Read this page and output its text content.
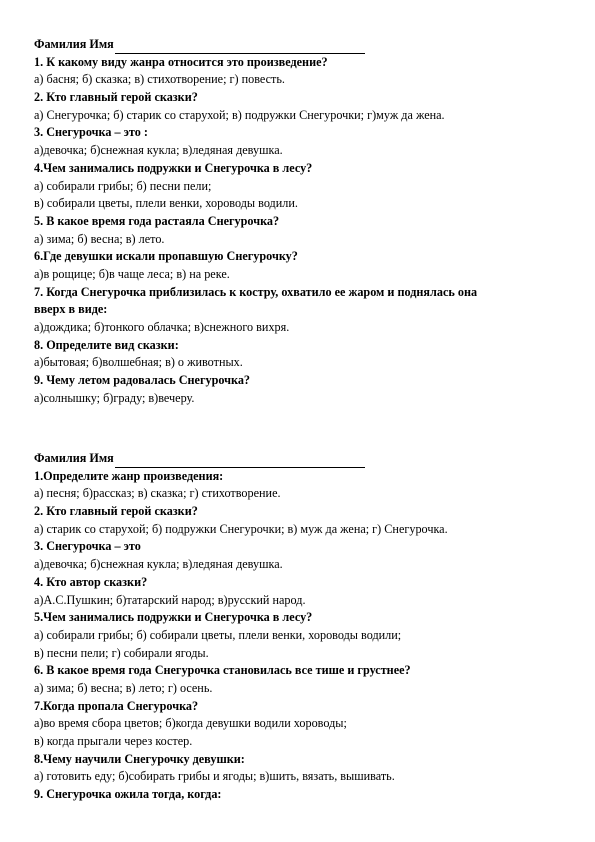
Фамилия Имя
1. К какому виду жанра относится это произведение?
а) басня; б) сказка; в) стихотворение; г) повесть.
2. Кто главный герой сказки?
а) Снегурочка; б) старик со старухой; в) подружки Снегурочки; г)муж да жена.
3. Снегурочка – это :
а)девочка; б)снежная кукла; в)ледяная девушка.
4.Чем занимались подружки и Снегурочка в лесу?
а) собирали грибы; б) песни пели;
в) собирали цветы, плели венки, хороводы водили.
5. В какое время года растаяла Снегурочка?
а) зима; б) весна; в) лето.
6.Где девушки искали пропавшую Снегурочку?
а)в рощице; б)в чаще леса; в) на реке.
7. Когда Снегурочка приблизилась к костру, охватило ее жаром и поднялась она
вверх в виде:
а)дождика; б)тонкого облачка; в)снежного вихря.
8. Определите вид сказки:
а)бытовая; б)волшебная; в) о животных.
9. Чему летом радовалась Снегурочка?
а)солнышку; б)граду; в)вечеру.
Фамилия Имя
1.Определите жанр произведения:
а) песня; б)рассказ; в) сказка; г) стихотворение.
2. Кто главный герой сказки?
а) старик со старухой; б) подружки Снегурочки; в) муж да жена; г) Снегурочка.
3. Снегурочка – это
а)девочка; б)снежная кукла; в)ледяная девушка.
4. Кто автор сказки?
а)А.С.Пушкин; б)татарский народ; в)русский народ.
5.Чем занимались подружки и Снегурочка в лесу?
а) собирали грибы; б) собирали цветы, плели венки, хороводы водили;
в) песни пели; г) собирали ягоды.
6. В какое время года Снегурочка становилась все тише и грустнее?
а) зима; б) весна; в) лето; г) осень.
7.Когда пропала Снегурочка?
а)во время сбора цветов; б)когда девушки водили хороводы;
в) когда прыгали через костер.
8.Чему научили Снегурочку девушки:
а) готовить еду; б)собирать грибы и ягоды; в)шить, вязать, вышивать.
9. Снегурочка ожила тогда, когда:
